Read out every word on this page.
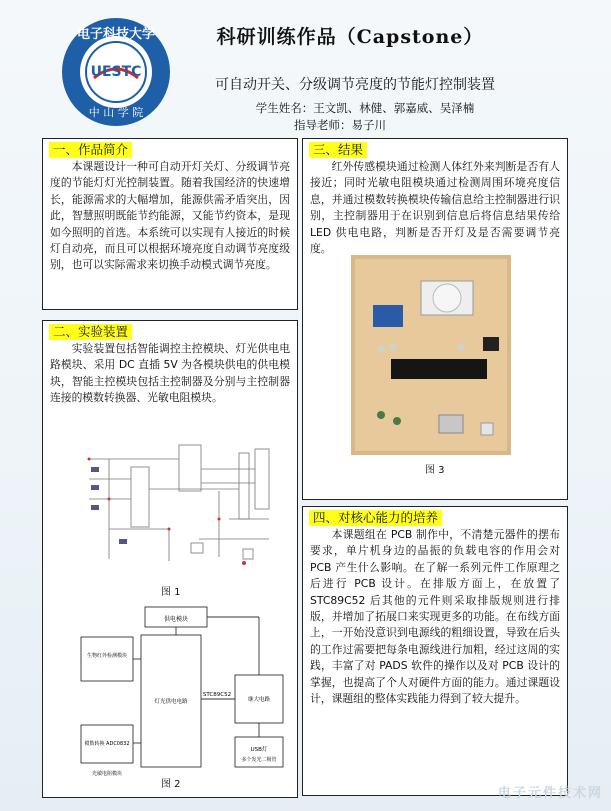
UESTC
电子科技大学
中 山 学 院
科研训练作品（Capstone）
可自动开关、分级调节亮度的节能灯控制装置
学生姓名：王文凯、林健、郭嘉威、吴泽楠
指导老师：易子川
一、作品简介
本课题设计一种可自动开灯关灯、分级调节亮度的节能灯灯光控制装置。随着我国经济的快速增长，能源需求的大幅增加，能源供需矛盾突出，因此，智慧照明既能节约能源，又能节约资本，是现如今照明的首选。本系统可以实现有人接近的时候灯自动亮，而且可以根据环境亮度自动调节亮度级别，也可以实际需求来切换手动模式调节亮度。
二、实验装置
实验装置包括智能调控主控模块、灯光供电电路模块、采用 DC 直插 5V 为各模块供电的供电模块，智能主控模块包括主控制器及分别与主控制器连接的模数转换器、光敏电阻模块。
图 1
供电模块
生物红外检测模块
模数转换 ADC0832
灯光供电电路
STC89C52
继大电路
USB灯
多个发光二极管
光敏电阻模块
图 2
三、结果
红外传感模块通过检测人体红外来判断是否有人接近；同时光敏电阻模块通过检测周围环境亮度信息，并通过模数转换模块传输信息给主控制器进行识别，主控制器用于在识别到信息后将信息结果传给 LED 供电电路，判断是否开灯及是否需要调节亮度。
图 3
四、对核心能力的培养
本课题组在 PCB 制作中，不清楚元器件的摆布要求，单片机身边的晶振的负载电容的作用会对 PCB 产生什么影响。在了解一系列元件工作原理之后进行 PCB 设计。在排版方面上，在放置了 STC89C52 后其他的元件则采取排版规则进行排版，并增加了拓展口来实现更多的功能。在布线方面上，一开始没意识到电源线的粗细设置，导致在后头的工作过需要把每条电源线进行加粗，经过这周的实践，丰富了对 PADS 软件的操作以及对 PCB 设计的掌握，也提高了个人对硬件方面的能力。通过课题设计，课题组的整体实践能力得到了较大提升。
电子元件技术网
